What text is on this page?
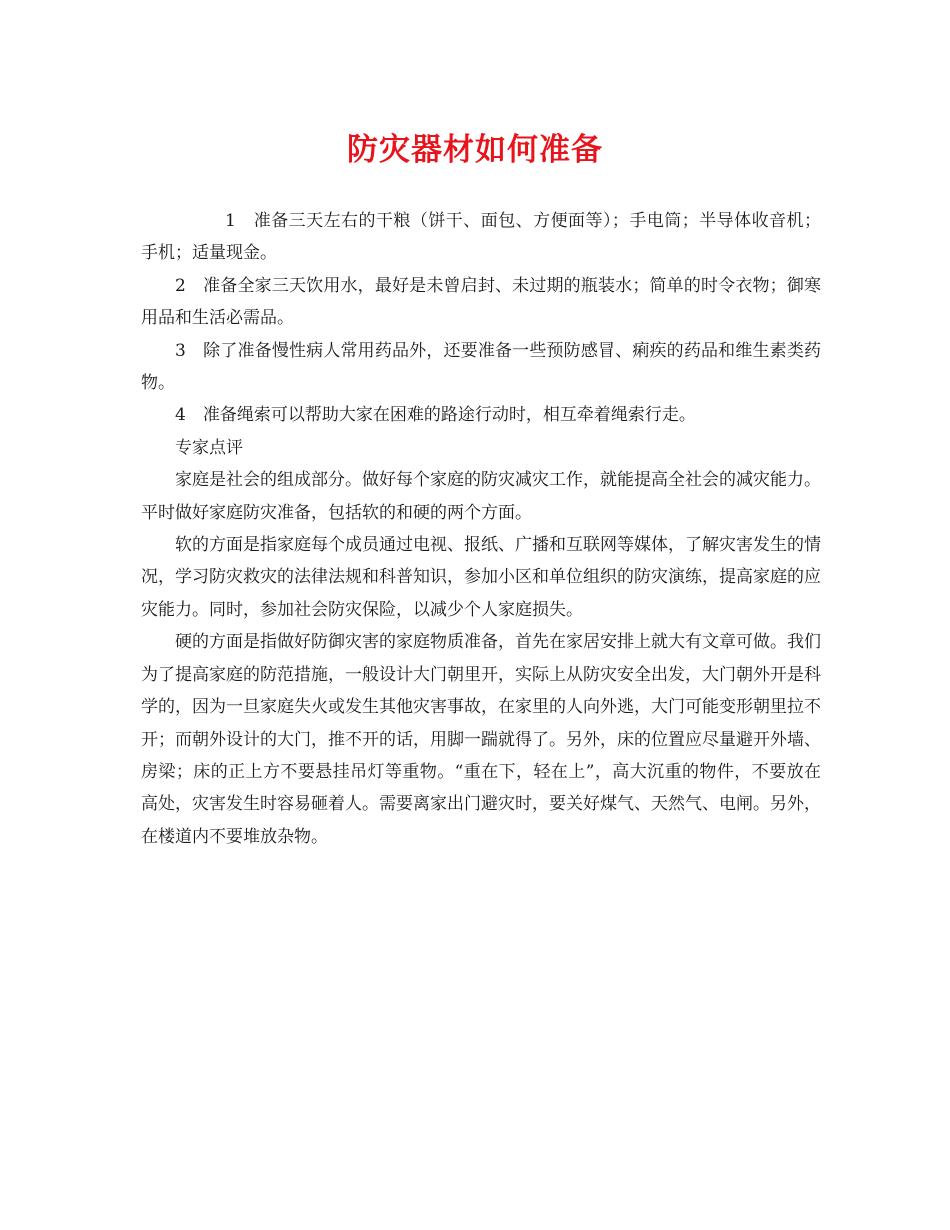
防灾器材如何准备

1　准备三天左右的干粮（饼干、面包、方便面等）；手电筒；半导体收音机；手机；适量现金。

2　准备全家三天饮用水，最好是未曾启封、未过期的瓶装水；简单的时令衣物；御寒用品和生活必需品。

3　除了准备慢性病人常用药品外，还要准备一些预防感冒、痢疾的药品和维生素类药物。

4　准备绳索可以帮助大家在困难的路途行动时，相互牵着绳索行走。

专家点评

家庭是社会的组成部分。做好每个家庭的防灾减灾工作，就能提高全社会的减灾能力。平时做好家庭防灾准备，包括软的和硬的两个方面。

软的方面是指家庭每个成员通过电视、报纸、广播和互联网等媒体，了解灾害发生的情况，学习防灾救灾的法律法规和科普知识，参加小区和单位组织的防灾演练，提高家庭的应灾能力。同时，参加社会防灾保险，以减少个人家庭损失。

硬的方面是指做好防御灾害的家庭物质准备，首先在家居安排上就大有文章可做。我们为了提高家庭的防范措施，一般设计大门朝里开，实际上从防灾安全出发，大门朝外开是科学的，因为一旦家庭失火或发生其他灾害事故，在家里的人向外逃，大门可能变形朝里拉不开；而朝外设计的大门，推不开的话，用脚一踹就得了。另外，床的位置应尽量避开外墙、房梁；床的正上方不要悬挂吊灯等重物。“重在下，轻在上”，高大沉重的物件，不要放在高处，灾害发生时容易砸着人。需要离家出门避灾时，要关好煤气、天然气、电闸。另外，在楼道内不要堆放杂物。
